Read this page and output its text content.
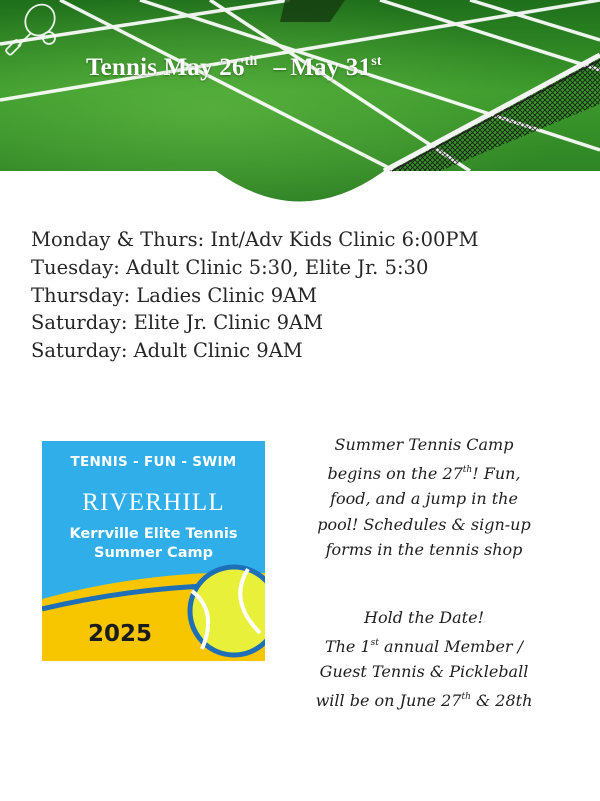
Tennis May 26th – May 31st
Monday & Thurs: Int/Adv Kids Clinic 6:00PM
Tuesday: Adult Clinic 5:30, Elite Jr. 5:30
Thursday: Ladies Clinic 9AM
Saturday: Elite Jr. Clinic 9AM
Saturday: Adult Clinic 9AM
TENNIS - FUN - SWIM
RIVERHILL
Kerrville Elite Tennis
Summer Camp
2025
Summer Tennis Camp
begins on the 27th! Fun,
food, and a jump in the
pool! Schedules & sign-up
forms in the tennis shop
Hold the Date!
The 1st annual Member /
Guest Tennis & Pickleball
will be on June 27th & 28th
